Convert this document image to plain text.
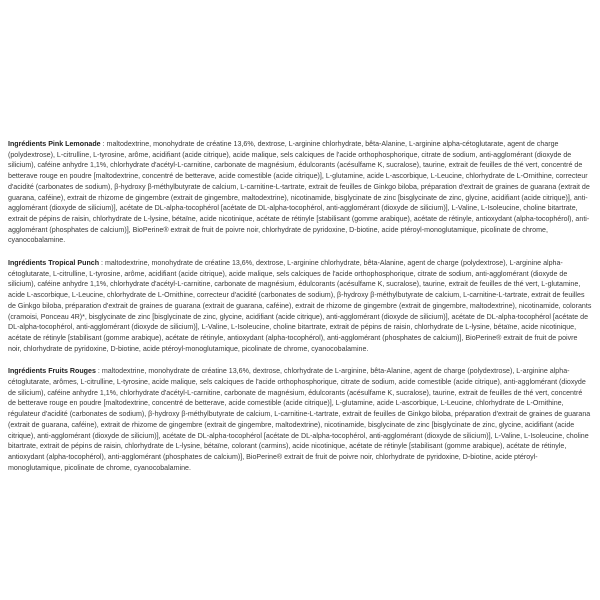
Ingrédients Pink Lemonade : maltodextrine, monohydrate de créatine 13,6%, dextrose, L-arginine chlorhydrate, bêta-Alanine, L-arginine alpha-cétoglutarate, agent de charge (polydextrose), L-citrulline, L-tyrosine, arôme, acidifiant (acide citrique), acide malique, sels calciques de l'acide orthophosphorique, citrate de sodium, anti-agglomérant (dioxyde de silicium), caféine anhydre 1,1%, chlorhydrate d'acétyl-L-carnitine, carbonate de magnésium, édulcorants (acésulfame K, sucralose), taurine, extrait de feuilles de thé vert, concentré de betterave rouge en poudre [maltodextrine, concentré de betterave, acide comestible (acide citrique)], L-glutamine, acide L-ascorbique, L-Leucine, chlorhydrate de L-Ornithine, correcteur d'acidité (carbonates de sodium), β-hydroxy β-méthylbutyrate de calcium, L-carnitine-L-tartrate, extrait de feuilles de Ginkgo biloba, préparation d'extrait de graines de guarana (extrait de guarana, caféine), extrait de rhizome de gingembre (extrait de gingembre, maltodextrine), nicotinamide, bisglycinate de zinc [bisglycinate de zinc, glycine, acidifiant (acide citrique)], anti-agglomérant (dioxyde de silicium)], acétate de DL-alpha-tocophérol [acétate de DL-alpha-tocophérol, anti-agglomérant (dioxyde de silicium)], L-Valine, L-Isoleucine, choline bitartrate, extrait de pépins de raisin, chlorhydrate de L-lysine, bétaïne, acide nicotinique, acétate de rétinyle [stabilisant (gomme arabique), acétate de rétinyle, antioxydant (alpha-tocophérol), anti-agglomérant (phosphates de calcium)], BioPerine® extrait de fruit de poivre noir, chlorhydrate de pyridoxine, D-biotine, acide ptéroyl-monoglutamique, picolinate de chrome, cyanocobalamine.

Ingrédients Tropical Punch : maltodextrine, monohydrate de créatine 13,6%, dextrose, L-arginine chlorhydrate, bêta-Alanine, agent de charge (polydextrose), L-arginine alpha-cétoglutarate, L-citrulline, L-tyrosine, arôme, acidifiant (acide citrique), acide malique, sels calciques de l'acide orthophosphorique, citrate de sodium, anti-agglomérant (dioxyde de silicium), caféine anhydre 1,1%, chlorhydrate d'acétyl-L-carnitine, carbonate de magnésium, édulcorants (acésulfame K, sucralose), taurine, extrait de feuilles de thé vert, L-glutamine, acide L-ascorbique, L-Leucine, chlorhydrate de L-Ornithine, correcteur d'acidité (carbonates de sodium), β-hydroxy β-méthylbutyrate de calcium, L-carnitine-L-tartrate, extrait de feuilles de Ginkgo biloba, préparation d'extrait de graines de guarana (extrait de guarana, caféine), extrait de rhizome de gingembre (extrait de gingembre, maltodextrine), nicotinamide, colorants (cramoisi, Ponceau 4R)*, bisglycinate de zinc [bisglycinate de zinc, glycine, acidifiant (acide citrique), anti-agglomérant (dioxyde de silicium)], acétate de DL-alpha-tocophérol [acétate de DL-alpha-tocophérol, anti-agglomérant (dioxyde de silicium)], L-Valine, L-Isoleucine, choline bitartrate, extrait de pépins de raisin, chlorhydrate de L-lysine, bétaïne, acide nicotinique, acétate de rétinyle [stabilisant (gomme arabique), acétate de rétinyle, antioxydant (alpha-tocophérol), anti-agglomérant (phosphates de calcium)], BioPerine® extrait de fruit de poivre noir, chlorhydrate de pyridoxine, D-biotine, acide ptéroyl-monoglutamique, picolinate de chrome, cyanocobalamine.

Ingrédients Fruits Rouges : maltodextrine, monohydrate de créatine 13,6%, dextrose, chlorhydrate de L-arginine, bêta-Alanine, agent de charge (polydextrose), L-arginine alpha-cétoglutarate, arômes, L-citrulline, L-tyrosine, acide malique, sels calciques de l'acide orthophosphorique, citrate de sodium, acide comestible (acide citrique), anti-agglomérant (dioxyde de silicium), caféine anhydre 1,1%, chlorhydrate d'acétyl-L-carnitine, carbonate de magnésium, édulcorants (acésulfame K, sucralose), taurine, extrait de feuilles de thé vert, concentré de betterave rouge en poudre [maltodextrine, concentré de betterave, acide comestible (acide citrique)], L-glutamine, acide L-ascorbique, L-Leucine, chlorhydrate de L-Ornithine, régulateur d'acidité (carbonates de sodium), β-hydroxy β-méthylbutyrate de calcium, L-carnitine-L-tartrate, extrait de feuilles de Ginkgo biloba, préparation d'extrait de graines de guarana (extrait de guarana, caféine), extrait de rhizome de gingembre (extrait de gingembre, maltodextrine), nicotinamide, bisglycinate de zinc [bisglycinate de zinc, glycine, acidifiant (acide citrique), anti-agglomérant (dioxyde de silicium)], acétate de DL-alpha-tocophérol [acétate de DL-alpha-tocophérol, anti-agglomérant (dioxyde de silicium)], L-Valine, L-Isoleucine, choline bitartrate, extrait de pépins de raisin, chlorhydrate de L-lysine, bétaïne, colorant (carmins), acide nicotinique, acétate de rétinyle [stabilisant (gomme arabique), acétate de rétinyle, antioxydant (alpha-tocophérol), anti-agglomérant (phosphates de calcium)], BioPerine® extrait de fruit de poivre noir, chlorhydrate de pyridoxine, D-biotine, acide ptéroyl-monoglutamique, picolinate de chrome, cyanocobalamine.
